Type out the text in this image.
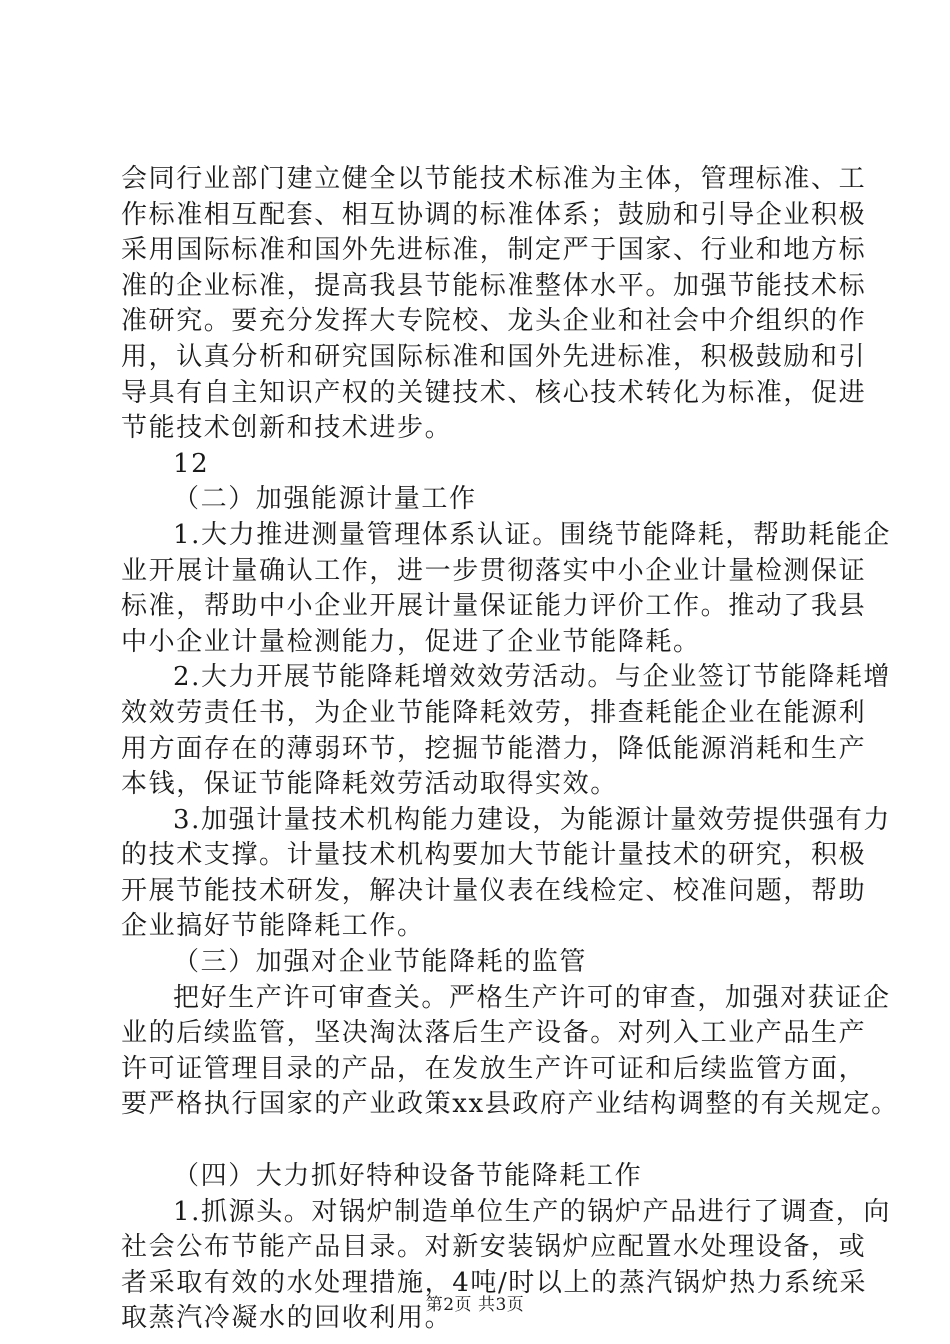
会同行业部门建立健全以节能技术标准为主体，管理标准、工
作标准相互配套、相互协调的标准体系；鼓励和引导企业积极
采用国际标准和国外先进标准，制定严于国家、行业和地方标
准的企业标准，提高我县节能标准整体水平。加强节能技术标
准研究。要充分发挥大专院校、龙头企业和社会中介组织的作
用，认真分析和研究国际标准和国外先进标准，积极鼓励和引
导具有自主知识产权的关键技术、核心技术转化为标准，促进
节能技术创新和技术进步。
12
（二）加强能源计量工作
1.大力推进测量管理体系认证。围绕节能降耗，帮助耗能企
业开展计量确认工作，进一步贯彻落实中小企业计量检测保证
标准，帮助中小企业开展计量保证能力评价工作。推动了我县
中小企业计量检测能力，促进了企业节能降耗。
2.大力开展节能降耗增效效劳活动。与企业签订节能降耗增
效效劳责任书，为企业节能降耗效劳，排查耗能企业在能源利
用方面存在的薄弱环节，挖掘节能潜力，降低能源消耗和生产
本钱，保证节能降耗效劳活动取得实效。
3.加强计量技术机构能力建设，为能源计量效劳提供强有力
的技术支撑。计量技术机构要加大节能计量技术的研究，积极
开展节能技术研发，解决计量仪表在线检定、校准问题，帮助
企业搞好节能降耗工作。
（三）加强对企业节能降耗的监管
把好生产许可审查关。严格生产许可的审查，加强对获证企
业的后续监管，坚决淘汰落后生产设备。对列入工业产品生产
许可证管理目录的产品，在发放生产许可证和后续监管方面，
要严格执行国家的产业政策xx县政府产业结构调整的有关规定。
（四）大力抓好特种设备节能降耗工作
1.抓源头。对锅炉制造单位生产的锅炉产品进行了调查，向
社会公布节能产品目录。对新安装锅炉应配置水处理设备，或
者采取有效的水处理措施，4吨/时以上的蒸汽锅炉热力系统采
取蒸汽冷凝水的回收利用。
第2页 共3页
